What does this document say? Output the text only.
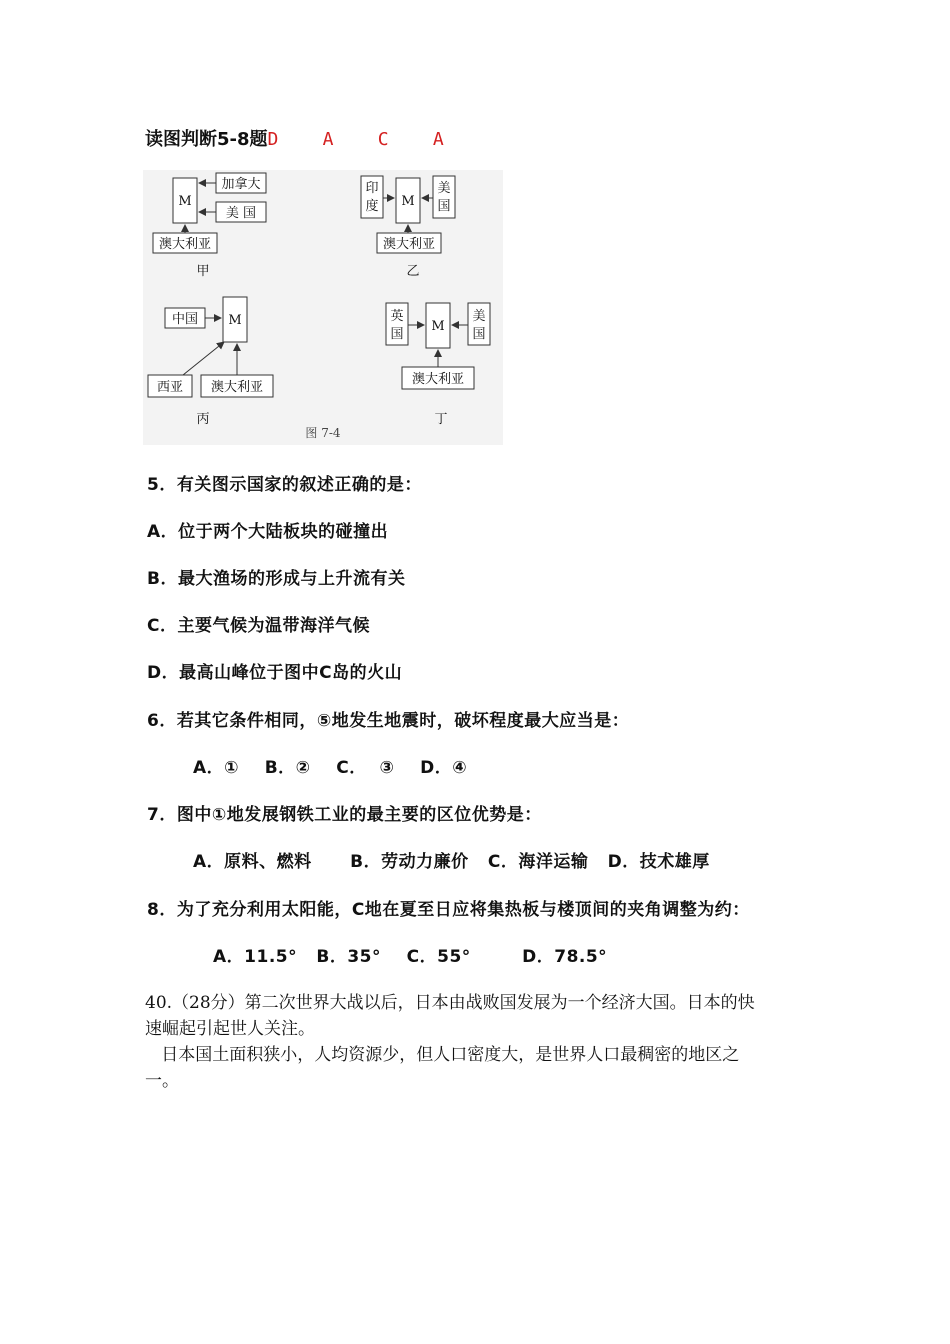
读图判断5-8题D A C A
M
加拿大
美 国
澳大利亚
甲
印
度 M
美
国
澳大利亚
乙
M
中国
西亚 澳大利亚
丙
英
国
M
美
国
澳大利亚
丁
图 7-4
5．有关图示国家的叙述正确的是：
A．位于两个大陆板块的碰撞出
B．最大渔场的形成与上升流有关
C．主要气候为温带海洋气候
D．最高山峰位于图中C岛的火山
6．若其它条件相同，⑤地发生地震时，破坏程度最大应当是：
A．①    B．②    C．  ③    D．④
7．图中①地发展钢铁工业的最主要的区位优势是：
A．原料、燃料      B．劳动力廉价   C．海洋运输   D．技术雄厚
8．为了充分利用太阳能，C地在夏至日应将集热板与楼顶间的夹角调整为约：
A．11.5°   B．35°    C．55°        D．78.5°
40.（28分）第二次世界大战以后，日本由战败国发展为一个经济大国。日本的快
速崛起引起世人关注。
日本国土面积狭小，人均资源少，但人口密度大，是世界人口最稠密的地区之
一。
